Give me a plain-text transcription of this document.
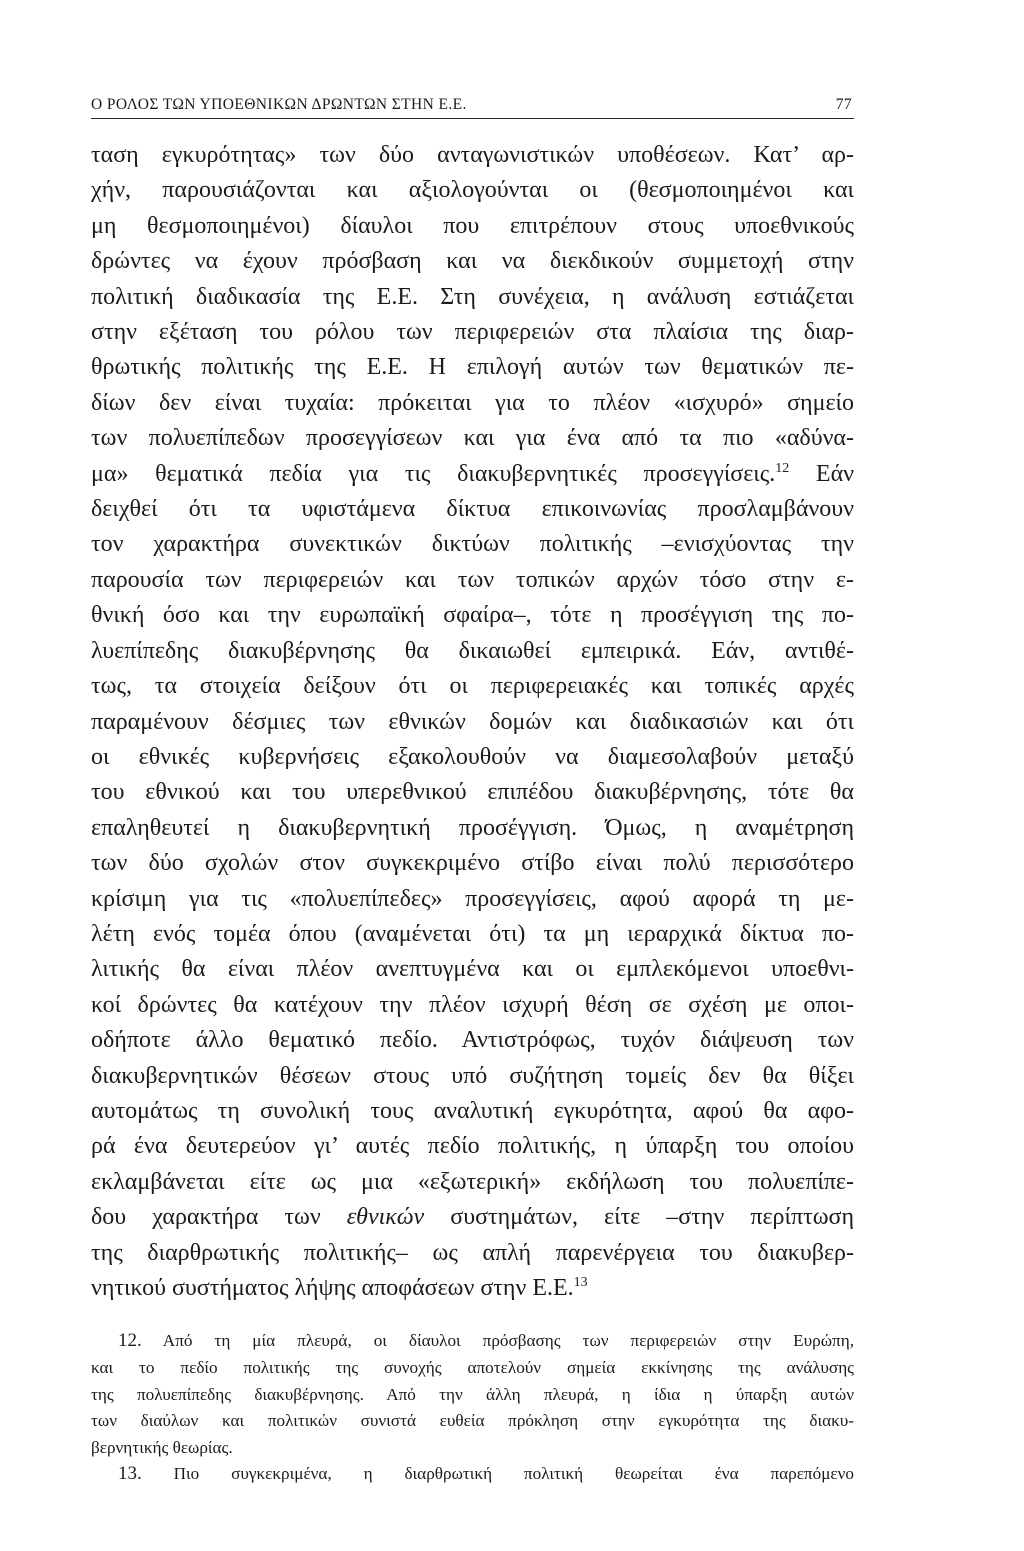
Ο ΡΟΛΟΣ ΤΩΝ ΥΠΟΕΘΝΙΚΩΝ ΔΡΩΝΤΩΝ ΣΤΗΝ Ε.Ε.	77
ταση εγκυρότητας» των δύο ανταγωνιστικών υποθέσεων. Κατ’ αρ-
χήν, παρουσιάζονται και αξιολογούνται οι (θεσμοποιημένοι και
μη θεσμοποιημένοι) δίαυλοι που επιτρέπουν στους υποεθνικούς
δρώντες να έχουν πρόσβαση και να διεκδικούν συμμετοχή στην
πολιτική διαδικασία της Ε.Ε. Στη συνέχεια, η ανάλυση εστιάζεται
στην εξέταση του ρόλου των περιφερειών στα πλαίσια της διαρ-
θρωτικής πολιτικής της Ε.Ε. Η επιλογή αυτών των θεματικών πε-
δίων δεν είναι τυχαία: πρόκειται για το πλέον «ισχυρό» σημείο
των πολυεπίπεδων προσεγγίσεων και για ένα από τα πιο «αδύνα-
μα» θεματικά πεδία για τις διακυβερνητικές προσεγγίσεις.$^{12}$ Εάν
δειχθεί ότι τα υφιστάμενα δίκτυα επικοινωνίας προσλαμβάνουν
τον χαρακτήρα συνεκτικών δικτύων πολιτικής –ενισχύοντας την
παρουσία των περιφερειών και των τοπικών αρχών τόσο στην ε-
θνική όσο και την ευρωπαϊκή σφαίρα–, τότε η προσέγγιση της πο-
λυεπίπεδης διακυβέρνησης θα δικαιωθεί εμπειρικά. Εάν, αντιθέ-
τως, τα στοιχεία δείξουν ότι οι περιφερειακές και τοπικές αρχές
παραμένουν δέσμιες των εθνικών δομών και διαδικασιών και ότι
οι εθνικές κυβερνήσεις εξακολουθούν να διαμεσολαβούν μεταξύ
του εθνικού και του υπερεθνικού επιπέδου διακυβέρνησης, τότε θα
επαληθευτεί η διακυβερνητική προσέγγιση. Όμως, η αναμέτρηση
των δύο σχολών στον συγκεκριμένο στίβο είναι πολύ περισσότερο
κρίσιμη για τις «πολυεπίπεδες» προσεγγίσεις, αφού αφορά τη με-
λέτη ενός τομέα όπου (αναμένεται ότι) τα μη ιεραρχικά δίκτυα πο-
λιτικής θα είναι πλέον ανεπτυγμένα και οι εμπλεκόμενοι υποεθνι-
κοί δρώντες θα κατέχουν την πλέον ισχυρή θέση σε σχέση με οποι-
οδήποτε άλλο θεματικό πεδίο. Αντιστρόφως, τυχόν διάψευση των
διακυβερνητικών θέσεων στους υπό συζήτηση τομείς δεν θα θίξει
αυτομάτως τη συνολική τους αναλυτική εγκυρότητα, αφού θα αφο-
ρά ένα δευτερεύον γι’ αυτές πεδίο πολιτικής, η ύπαρξη του οποίου
εκλαμβάνεται είτε ως μια «εξωτερική» εκδήλωση του πολυεπίπε-
δου χαρακτήρα των εθνικών συστημάτων, είτε –στην περίπτωση
της διαρθρωτικής πολιτικής– ως απλή παρενέργεια του διακυβερ-
νητικού συστήματος λήψης αποφάσεων στην Ε.Ε.$^{13}$
12. Από τη μία πλευρά, οι δίαυλοι πρόσβασης των περιφερειών στην Ευρώπη,
και το πεδίο πολιτικής της συνοχής αποτελούν σημεία εκκίνησης της ανάλυσης
της πολυεπίπεδης διακυβέρνησης. Από την άλλη πλευρά, η ίδια η ύπαρξη αυτών
των διαύλων και πολιτικών συνιστά ευθεία πρόκληση στην εγκυρότητα της διακυ-
βερνητικής θεωρίας.
13. Πιο συγκεκριμένα, η διαρθρωτική πολιτική θεωρείται ένα παρεπόμενο
